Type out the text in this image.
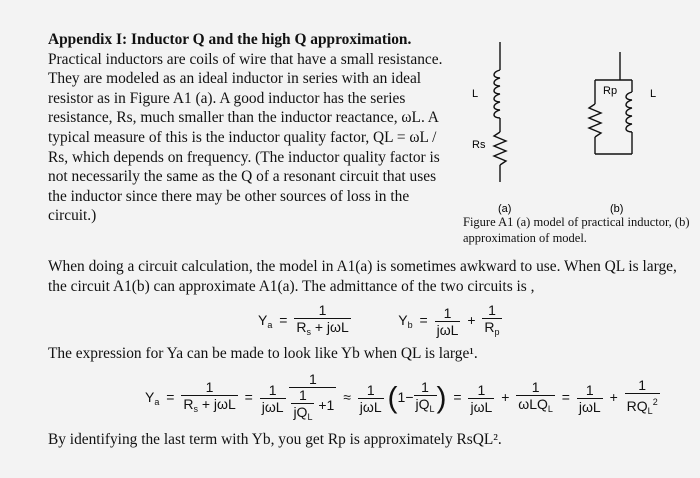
Appendix I: Inductor Q and the high Q approximation.

Practical inductors are coils of wire that have a small resistance. They are modeled as an ideal inductor in series with an ideal resistor as in Figure A1 (a). A good inductor has the series resistance, Rs, much smaller than the inductor reactance, ωL. A typical measure of this is the inductor quality factor, QL = ωL / Rs, which depends on frequency. (The inductor quality factor is not necessarily the same as the Q of a resonant circuit that uses the inductor since there may be other sources of loss in the circuit.)

L
Rs
Rp	L
(a)	(b)
Figure A1 (a) model of practical inductor, (b) approximation of model.

When doing a circuit calculation, the model in A1(a) is sometimes awkward to use. When QL is large, the circuit A1(b) can approximate A1(a). The admittance of the two circuits is ,

$Y_a = \frac{1}{R_s + j\omega L}$	$Y_b = \frac{1}{\text{jωL}} + \frac{1}{R_p}$

The expression for Ya can be made to look like Yb when QL is large¹.

$Y_a = \frac{1}{R_s + j\omega L} = \frac{1}{\text{jωL}}$
$\frac{1}{\frac{1}{jQ_L} +1} \approx \frac{1}{\text{jωL}} (1- \frac{1}{jQ_L}$ ) = $\frac{1}{\text{jωL}} + \frac{1}{\omega LQ_L} = \frac{1}{\text{jωL}} + \frac{1}{RQ_L^2}$

By identifying the last term with Yb, you get Rp is approximately RsQL².
